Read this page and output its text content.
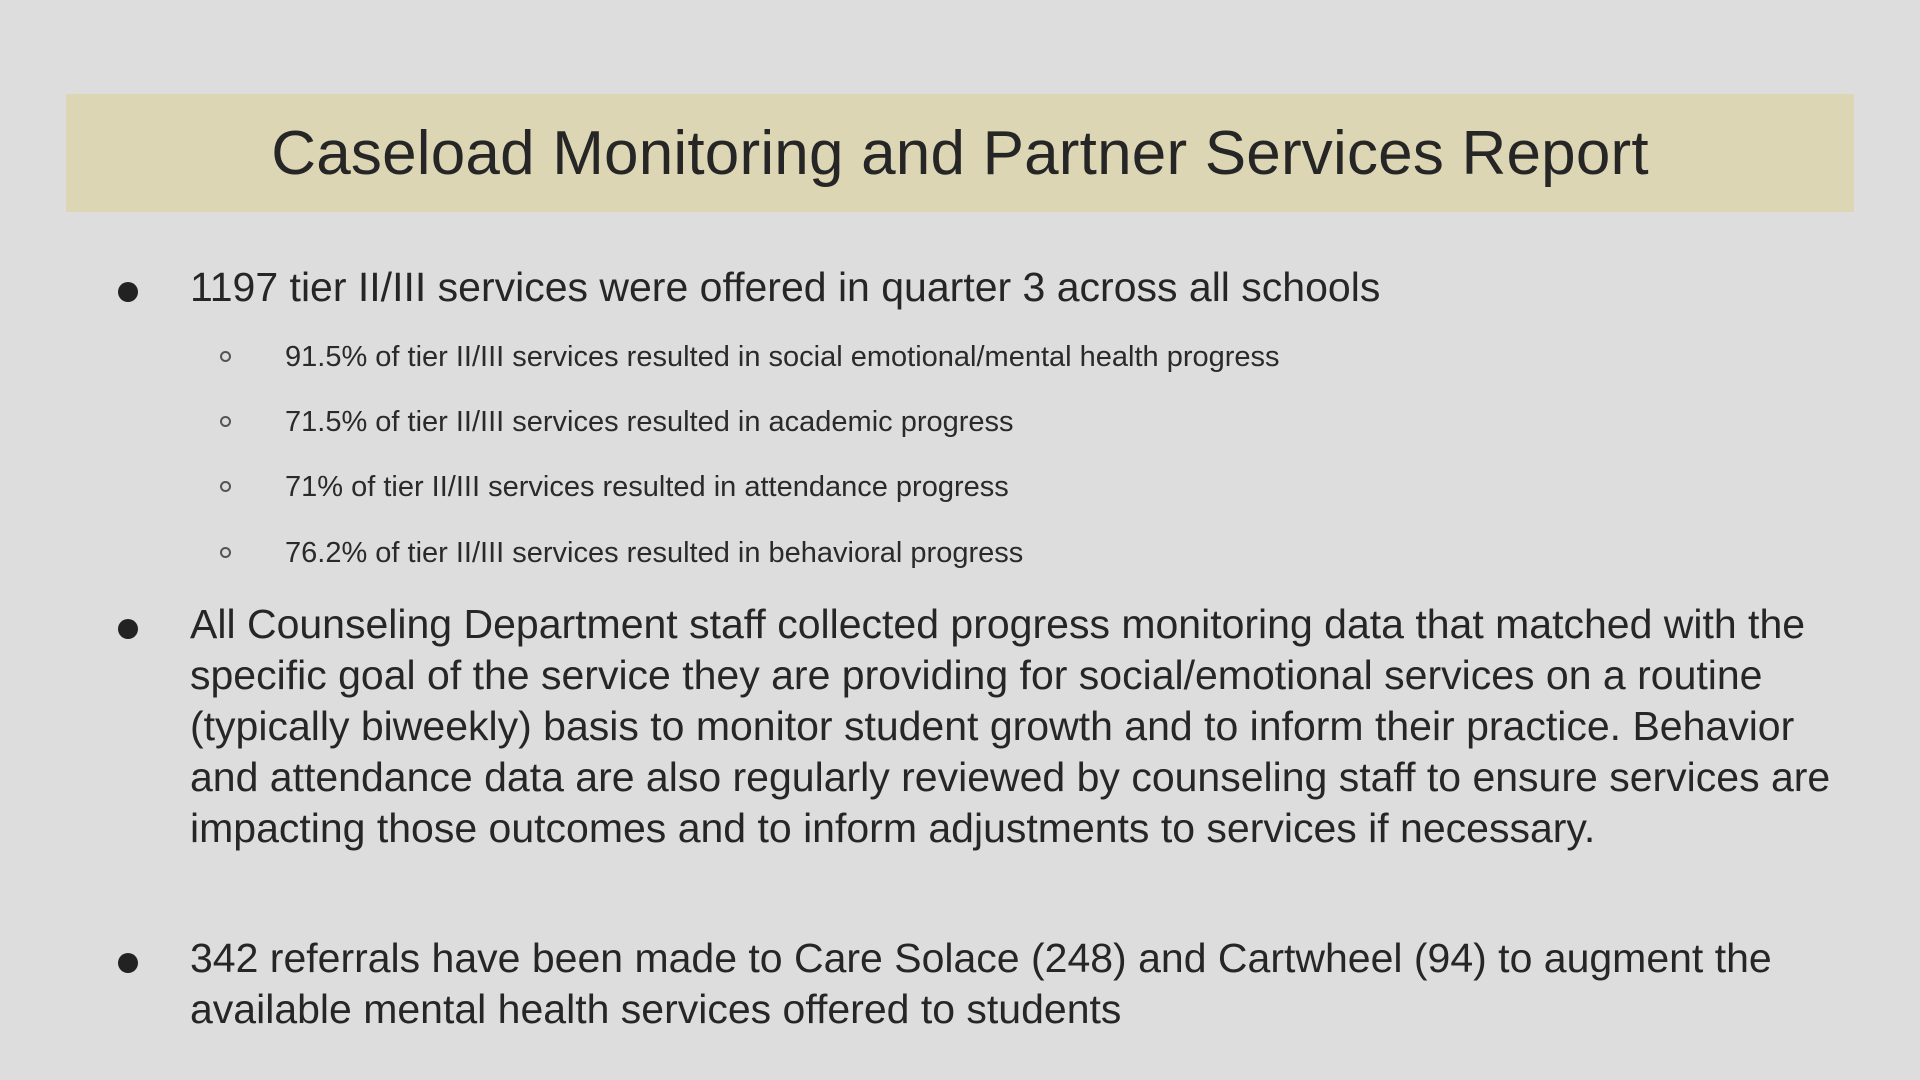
Caseload Monitoring and Partner Services Report
1197 tier II/III services were offered in quarter 3 across all schools
91.5% of tier II/III services resulted in social emotional/mental health progress
71.5% of tier II/III services resulted in academic progress
71% of tier II/III services resulted in attendance progress
76.2% of tier II/III services resulted in behavioral progress
All Counseling Department staff collected progress monitoring data that matched with the specific goal of the service they are providing for social/emotional services on a routine (typically biweekly) basis to monitor student growth and to inform their practice. Behavior and attendance data are also regularly reviewed by counseling staff to ensure services are impacting those outcomes and to inform adjustments to services if necessary.
342 referrals have been made to Care Solace (248) and Cartwheel (94) to augment the available mental health services offered to students
